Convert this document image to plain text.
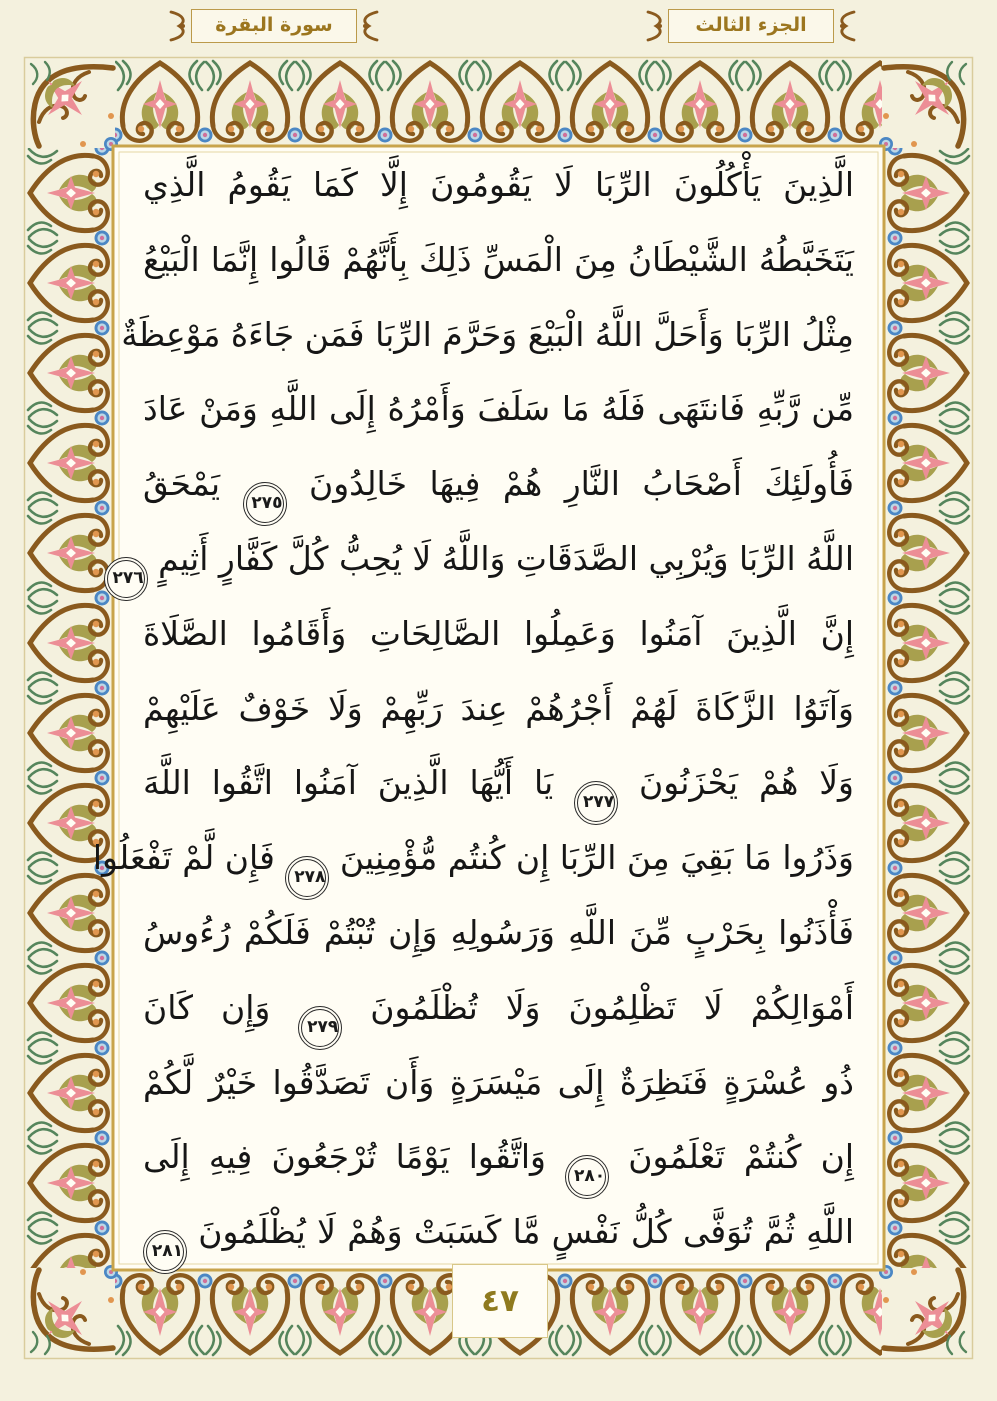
الجزء الثالث
سورة البقرة
الَّذِينَ يَأْكُلُونَ الرِّبَا لَا يَقُومُونَ إِلَّا كَمَا يَقُومُ الَّذِي
يَتَخَبَّطُهُ الشَّيْطَانُ مِنَ الْمَسِّ ذَلِكَ بِأَنَّهُمْ قَالُوا إِنَّمَا الْبَيْعُ
مِثْلُ الرِّبَا وَأَحَلَّ اللَّهُ الْبَيْعَ وَحَرَّمَ الرِّبَا فَمَن جَاءَهُ مَوْعِظَةٌ
مِّن رَّبِّهِ فَانتَهَى فَلَهُ مَا سَلَفَ وَأَمْرُهُ إِلَى اللَّهِ وَمَنْ عَادَ
فَأُولَئِكَ أَصْحَابُ النَّارِ هُمْ فِيهَا خَالِدُونَ ٢٧٥ يَمْحَقُ
اللَّهُ الرِّبَا وَيُرْبِي الصَّدَقَاتِ وَاللَّهُ لَا يُحِبُّ كُلَّ كَفَّارٍ أَثِيمٍ ٢٧٦
إِنَّ الَّذِينَ آمَنُوا وَعَمِلُوا الصَّالِحَاتِ وَأَقَامُوا الصَّلَاةَ
وَآتَوُا الزَّكَاةَ لَهُمْ أَجْرُهُمْ عِندَ رَبِّهِمْ وَلَا خَوْفٌ عَلَيْهِمْ
وَلَا هُمْ يَحْزَنُونَ ٢٧٧ يَا أَيُّهَا الَّذِينَ آمَنُوا اتَّقُوا اللَّهَ
وَذَرُوا مَا بَقِيَ مِنَ الرِّبَا إِن كُنتُم مُّؤْمِنِينَ ٢٧٨ فَإِن لَّمْ تَفْعَلُوا
فَأْذَنُوا بِحَرْبٍ مِّنَ اللَّهِ وَرَسُولِهِ وَإِن تُبْتُمْ فَلَكُمْ رُءُوسُ
أَمْوَالِكُمْ لَا تَظْلِمُونَ وَلَا تُظْلَمُونَ ٢٧٩ وَإِن كَانَ
ذُو عُسْرَةٍ فَنَظِرَةٌ إِلَى مَيْسَرَةٍ وَأَن تَصَدَّقُوا خَيْرٌ لَّكُمْ
إِن كُنتُمْ تَعْلَمُونَ ٢٨٠ وَاتَّقُوا يَوْمًا تُرْجَعُونَ فِيهِ إِلَى
اللَّهِ ثُمَّ تُوَفَّى كُلُّ نَفْسٍ مَّا كَسَبَتْ وَهُمْ لَا يُظْلَمُونَ ٢٨١
٤٧
